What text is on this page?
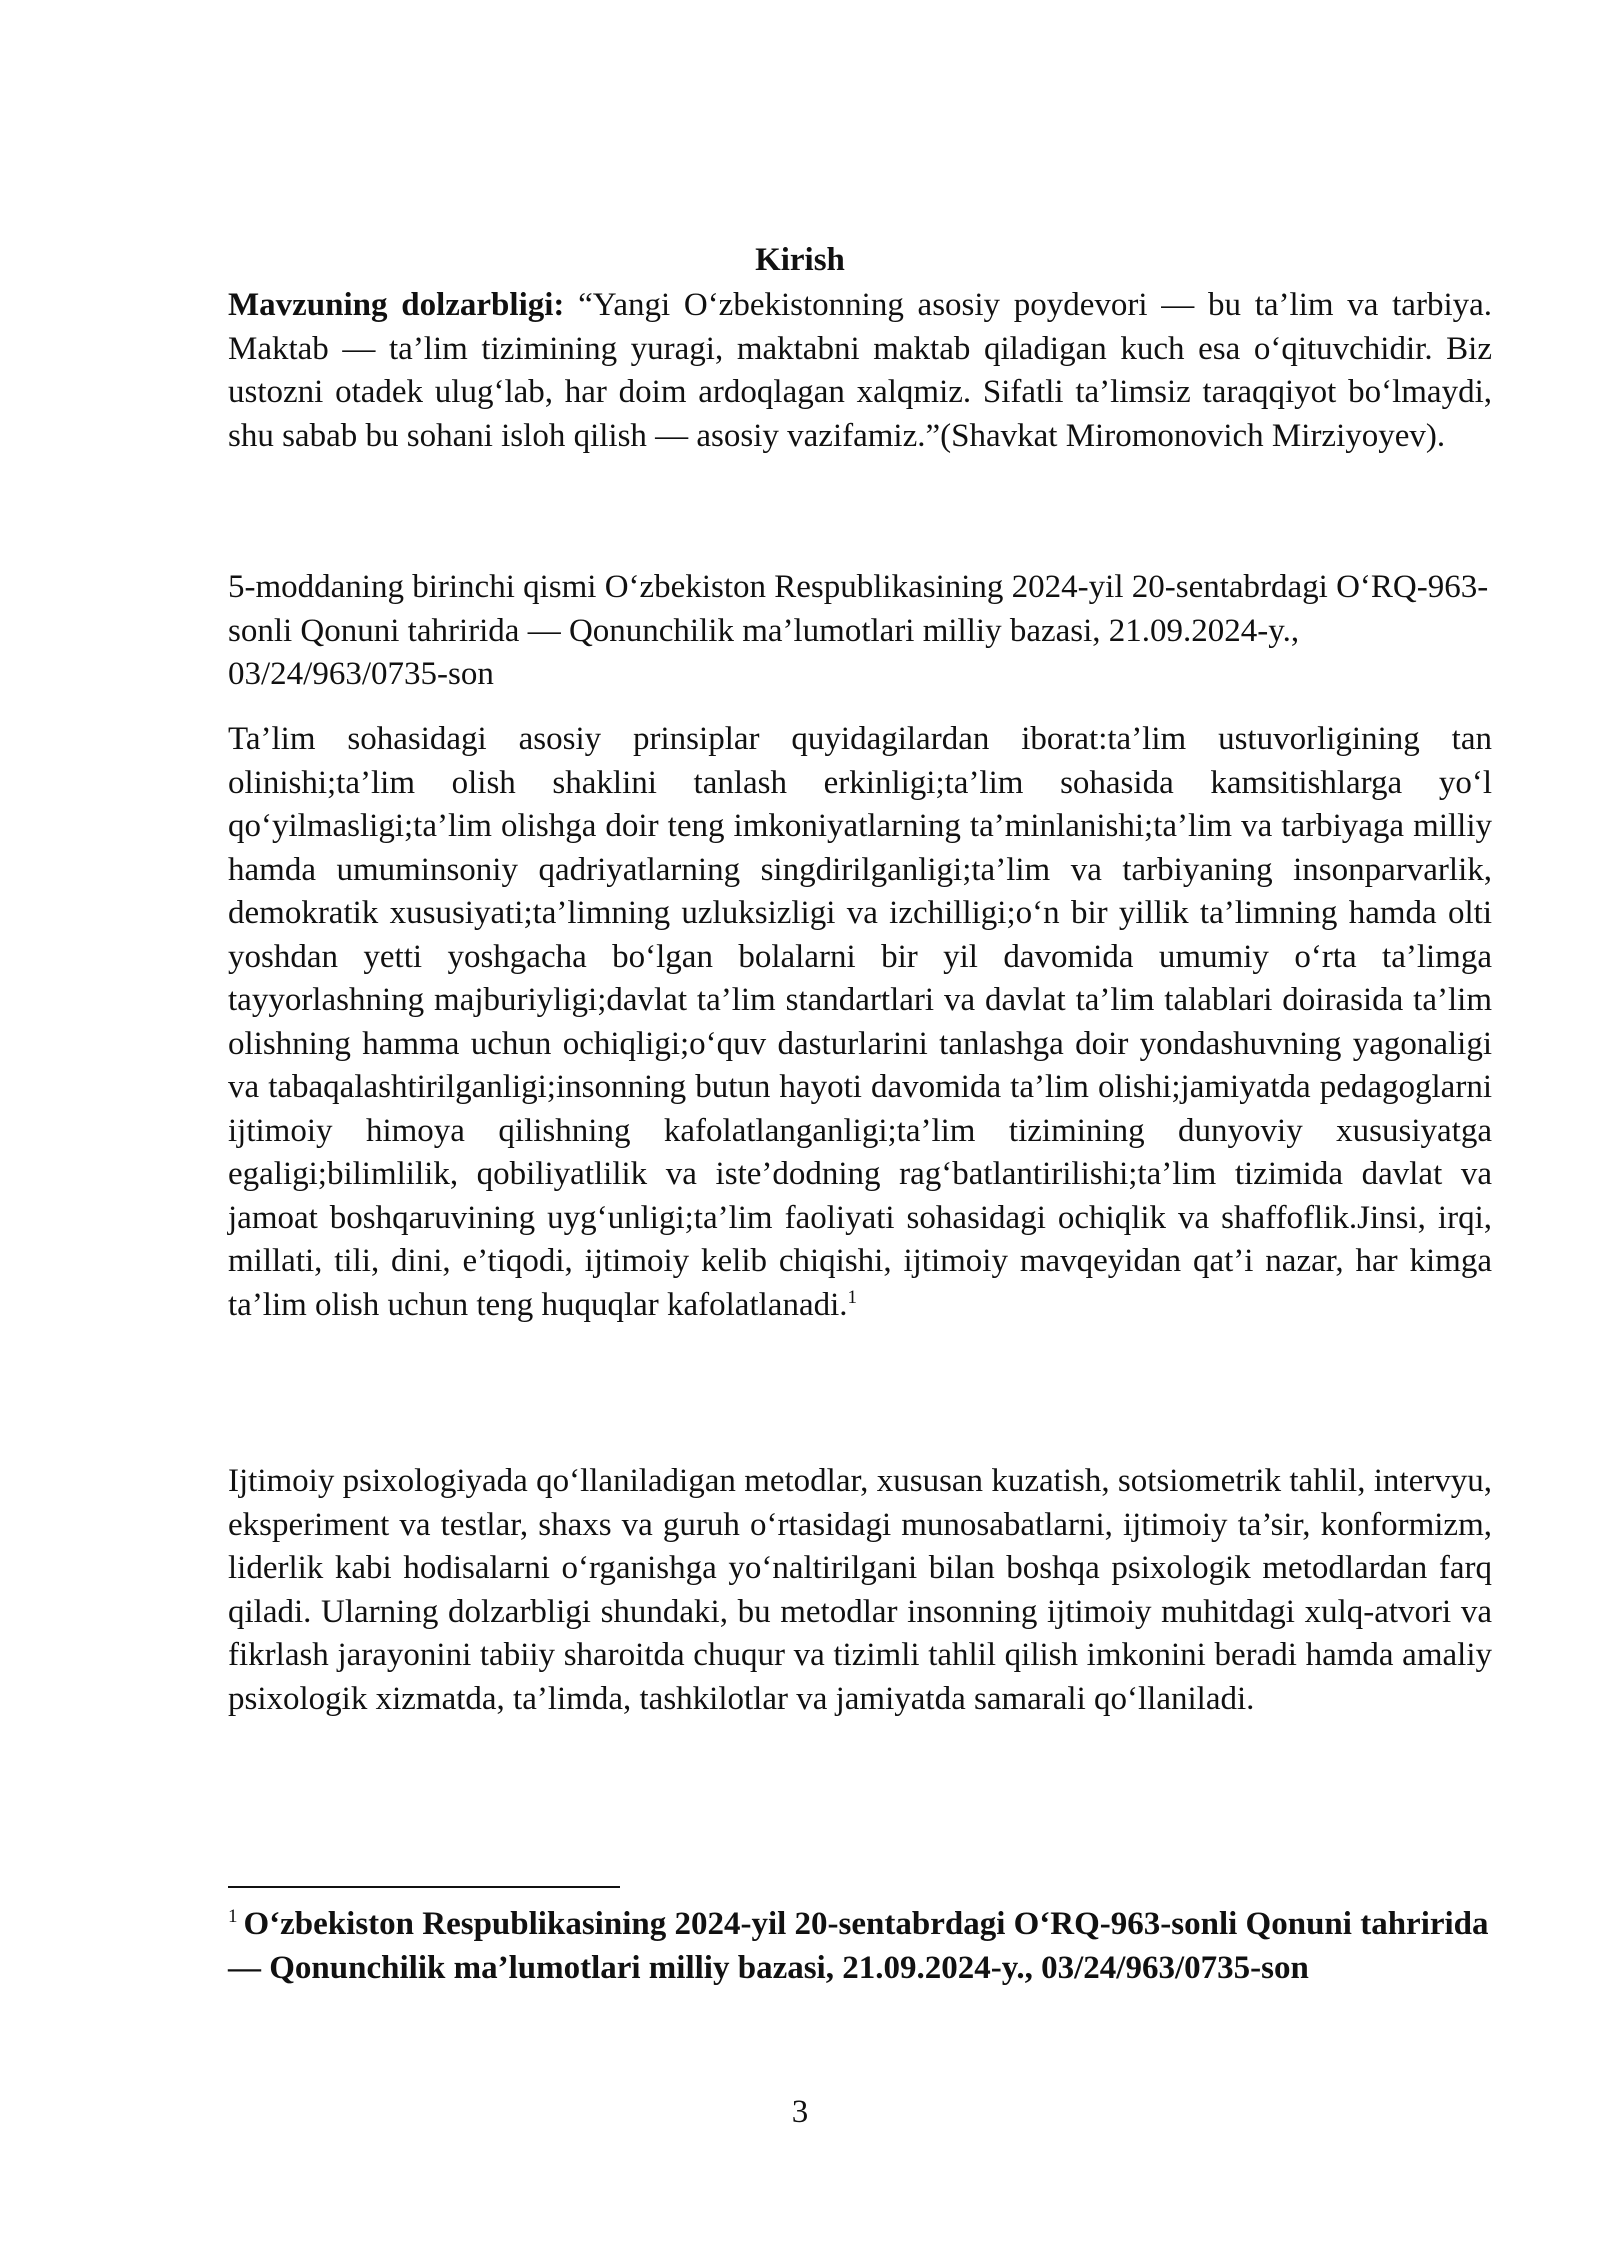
Kirish

Mavzuning dolzarbligi: “Yangi O‘zbekistonning asosiy poydevori — bu ta’lim va tarbiya. Maktab — ta’lim tizimining yuragi, maktabni maktab qiladigan kuch esa o‘qituvchidir. Biz ustozni otadek ulug‘lab, har doim ardoqlagan xalqmiz. Sifatli ta’limsiz taraqqiyot bo‘lmaydi, shu sabab bu sohani isloh qilish — asosiy vazifamiz.”(Shavkat Miromonovich Mirziyoyev).

5-moddaning birinchi qismi O‘zbekiston Respublikasining 2024-yil 20-sentabrdagi O‘RQ-963-sonli Qonuni tahririda — Qonunchilik ma’lumotlari milliy bazasi, 21.09.2024-y., 03/24/963/0735-son

Ta’lim sohasidagi asosiy prinsiplar quyidagilardan iborat:ta’lim ustuvorligining tan olinishi;ta’lim olish shaklini tanlash erkinligi;ta’lim sohasida kamsitishlarga yo‘l qo‘yilmasligi;ta’lim olishga doir teng imkoniyatlarning ta’minlanishi;ta’lim va tarbiyaga milliy hamda umuminsoniy qadriyatlarning singdirilganligi;ta’lim va tarbiyaning insonparvarlik, demokratik xususiyati;ta’limning uzluksizligi va izchilligi;o‘n bir yillik ta’limning hamda olti yoshdan yetti yoshgacha bo‘lgan bolalarni bir yil davomida umumiy o‘rta ta’limga tayyorlashning majburiyligi;davlat ta’lim standartlari va davlat ta’lim talablari doirasida ta’lim olishning hamma uchun ochiqligi;o‘quv dasturlarini tanlashga doir yondashuvning yagonaligi va tabaqalashtirilganligi;insonning butun hayoti davomida ta’lim olishi;jamiyatda pedagoglarni ijtimoiy himoya qilishning kafolatlanganligi;ta’lim tizimining dunyoviy xususiyatga egaligi;bilimlilik, qobiliyatlilik va iste’dodning rag‘batlantirilishi;ta’lim tizimida davlat va jamoat boshqaruvining uyg‘unligi;ta’lim faoliyati sohasidagi ochiqlik va shaffoflik.Jinsi, irqi, millati, tili, dini, e’tiqodi, ijtimoiy kelib chiqishi, ijtimoiy mavqeyidan qat’i nazar, har kimga ta’lim olish uchun teng huquqlar kafolatlanadi.$^1$

Ijtimoiy psixologiyada qo‘llaniladigan metodlar, xususan kuzatish, sotsiometrik tahlil, intervyu, eksperiment va testlar, shaxs va guruh o‘rtasidagi munosabatlarni, ijtimoiy ta’sir, konformizm, liderlik kabi hodisalarni o‘rganishga yo‘naltirilgani bilan boshqa psixologik metodlardan farq qiladi. Ularning dolzarbligi shundaki, bu metodlar insonning ijtimoiy muhitdagi xulq-atvori va fikrlash jarayonini tabiiy sharoitda chuqur va tizimli tahlil qilish imkonini beradi hamda amaliy psixologik xizmatda, ta’limda, tashkilotlar va jamiyatda samarali qo‘llaniladi.

$^1$ O‘zbekiston Respublikasining 2024-yil 20-sentabrdagi O‘RQ-963-sonli Qonuni tahririda — Qonunchilik ma’lumotlari milliy bazasi, 21.09.2024-y., 03/24/963/0735-son

3
